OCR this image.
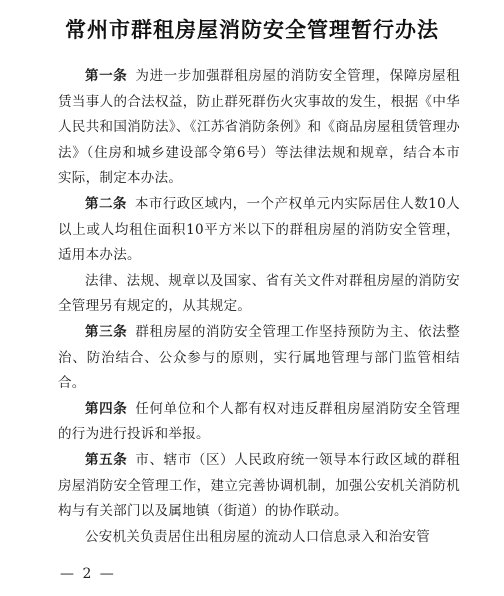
常州市群租房屋消防安全管理暂行办法

第一条 为进一步加强群租房屋的消防安全管理，保障房屋租赁当事人的合法权益，防止群死群伤火灾事故的发生，根据《中华人民共和国消防法》、《江苏省消防条例》和《商品房屋租赁管理办法》（住房和城乡建设部令第6号）等法律法规和规章，结合本市实际，制定本办法。

第二条 本市行政区域内，一个产权单元内实际居住人数10人以上或人均租住面积10平方米以下的群租房屋的消防安全管理，适用本办法。

法律、法规、规章以及国家、省有关文件对群租房屋的消防安全管理另有规定的，从其规定。

第三条 群租房屋的消防安全管理工作坚持预防为主、依法整治、防治结合、公众参与的原则，实行属地管理与部门监管相结合。

第四条 任何单位和个人都有权对违反群租房屋消防安全管理的行为进行投诉和举报。

第五条 市、辖市（区）人民政府统一领导本行政区域的群租房屋消防安全管理工作，建立完善协调机制，加强公安机关消防机构与有关部门以及属地镇（街道）的协作联动。

公安机关负责居住出租房屋的流动人口信息录入和治安管

— 2 —
